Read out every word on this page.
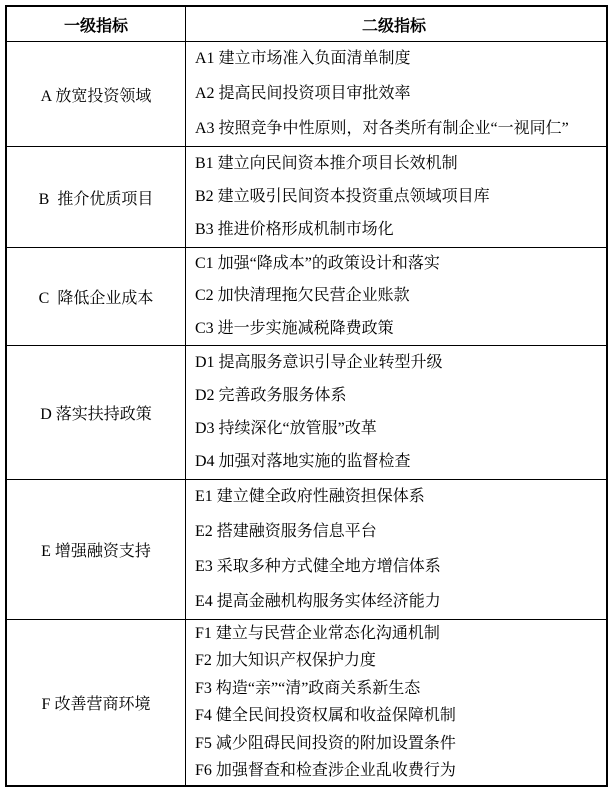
一级指标	二级指标
A 放宽投资领域
A1 建立市场准入负面清单制度
A2 提高民间投资项目审批效率
A3 按照竞争中性原则，对各类所有制企业“一视同仁”
B  推介优质项目
B1 建立向民间资本推介项目长效机制
B2 建立吸引民间资本投资重点领域项目库
B3 推进价格形成机制市场化
C  降低企业成本
C1 加强“降成本”的政策设计和落实
C2 加快清理拖欠民营企业账款
C3 进一步实施减税降费政策
D 落实扶持政策
D1 提高服务意识引导企业转型升级
D2 完善政务服务体系
D3 持续深化“放管服”改革
D4 加强对落地实施的监督检查
E 增强融资支持
E1 建立健全政府性融资担保体系
E2 搭建融资服务信息平台
E3 采取多种方式健全地方增信体系
E4 提高金融机构服务实体经济能力
F 改善营商环境
F1 建立与民营企业常态化沟通机制
F2 加大知识产权保护力度
F3 构造“亲”“清”政商关系新生态
F4 健全民间投资权属和收益保障机制
F5 减少阻碍民间投资的附加设置条件
F6 加强督查和检查涉企业乱收费行为
